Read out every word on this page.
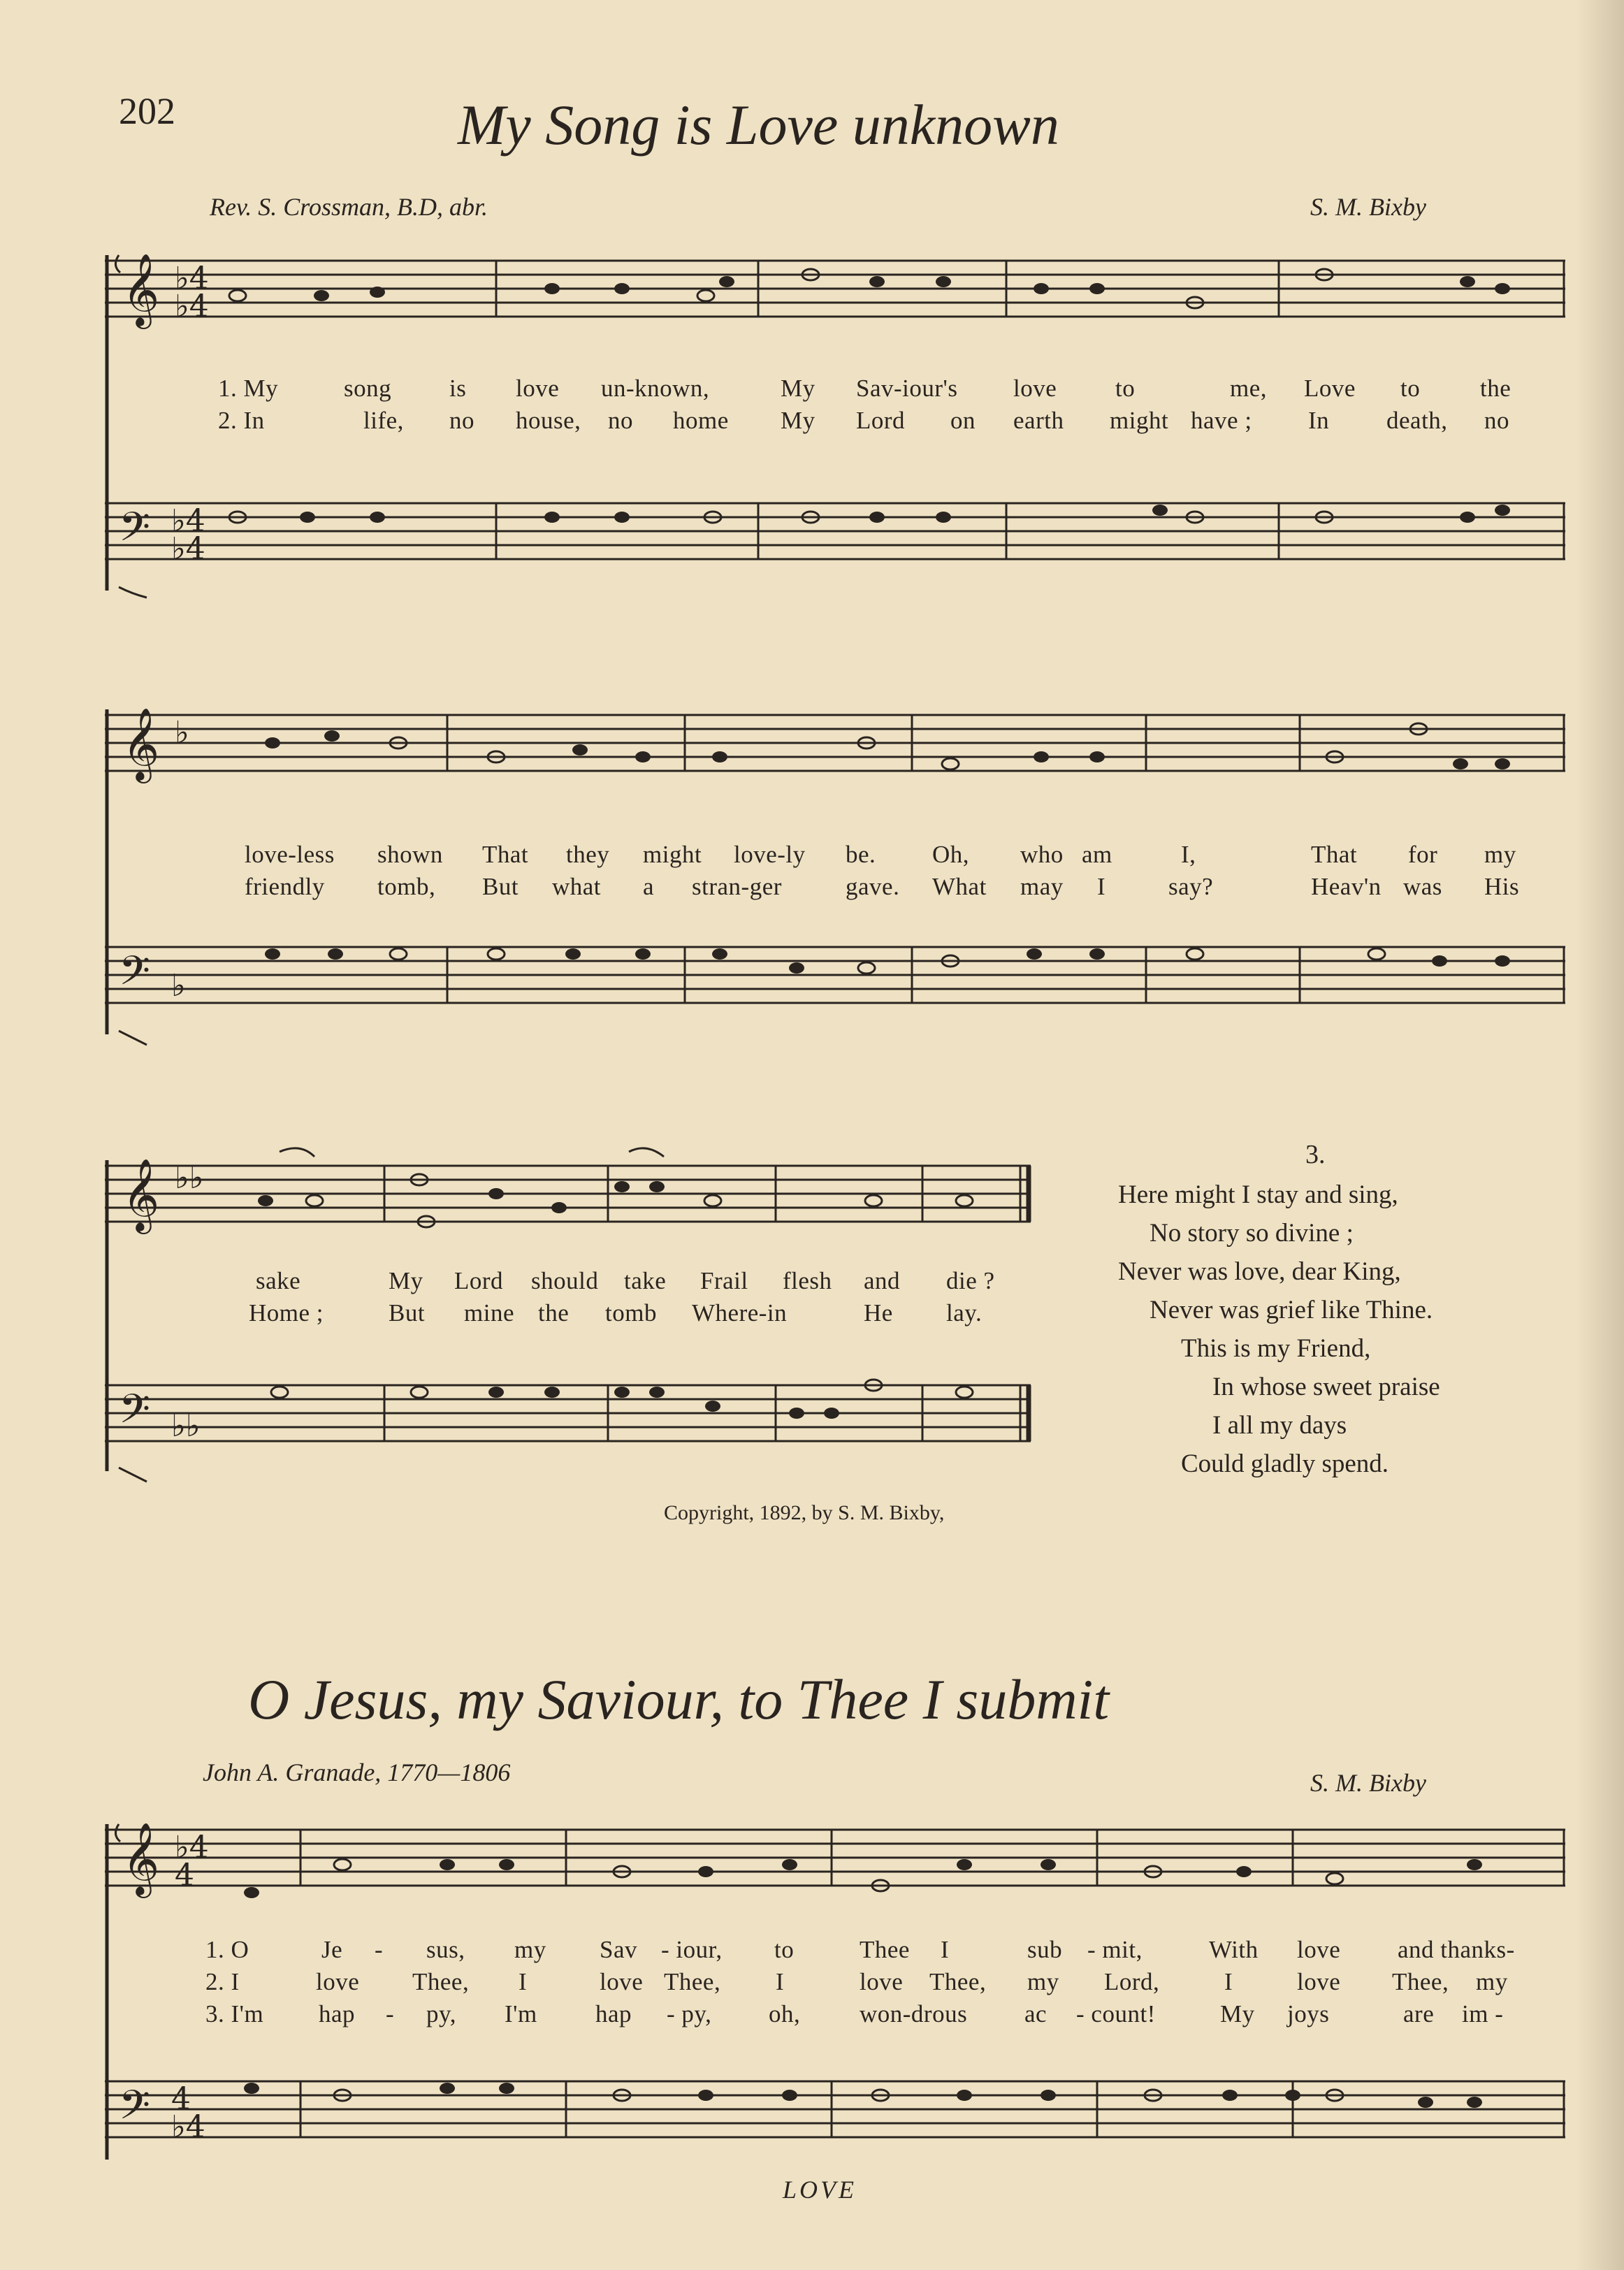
202	My Song is Love unknown
Rev. S. Crossman, B.D, abr.	S. M. Bixby
𝄞 ♭4
♭4
𝄢 ♭4
♭4
1. My	song is love un-known,	My Sav-iour's love to	me, Love to the
2. In	life, no house, no home My Lord on earth might have ; In death, no
𝄞 ♭
𝄢 ♭
love-less shown That they might love-ly be. Oh, who am	I,	That for my
friendly tomb, But what a stran-ger	gave. What may I	say?	Heav'n was His
𝄞 ♭♭
𝄢 ♭♭
sake	My Lord should take Frail flesh and die ?
Home ;	But mine the tomb Where-in	He lay.
Copyright, 1892, by S. M. Bixby,
3.
Here might I stay and sing,
No story so divine ;
Never was love, dear King,
Never was grief like Thine.
This is my Friend,
In whose sweet praise
I all my days
Could gladly spend.
O Jesus, my Saviour, to Thee I submit
John A. Granade, 1770—1806	S. M. Bixby
𝄞 ♭4
4
𝄢 4
♭4
1. O	Je - sus, my Sav - iour, to	Thee I	sub - mit,	With love and thanks-
2. I	love Thee, I	love Thee, I	love Thee, my Lord,	I	love Thee, my
3. I'm hap - py, I'm hap - py, oh, won-drous ac - count!	My joys	are im -
LOVE
